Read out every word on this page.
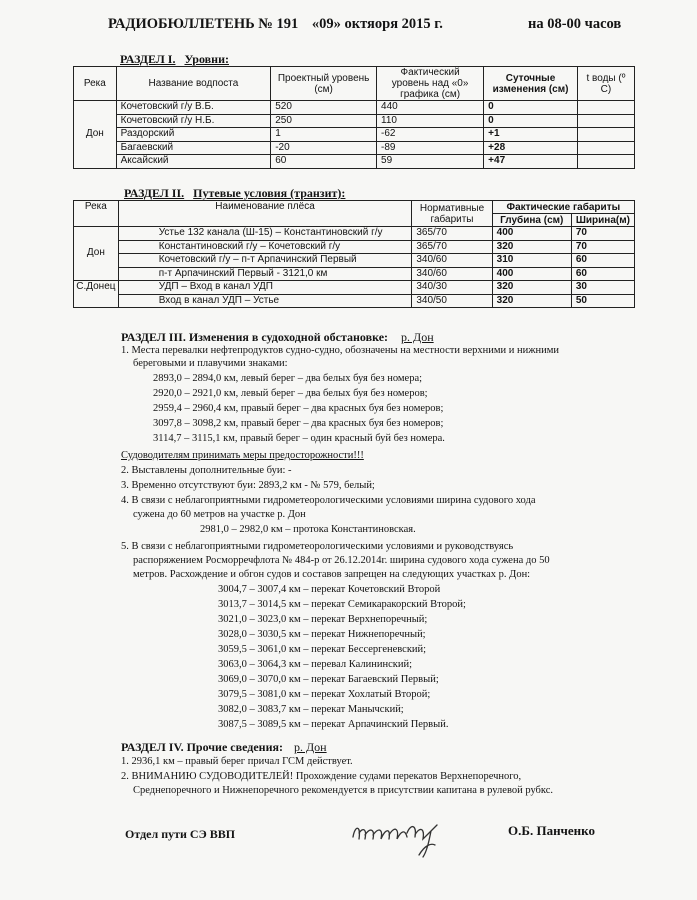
РАДИОБЮЛЛЕТЕНЬ № 191 «09» октяоря 2015 г.	на 08-00 часов
РАЗДЕЛ I. Уровни:
Река	Название водпоста	Проектный уровень (см)	Фактический уровень над «0» графика (см)	Суточные изменения (см)	t воды (º С)
Дон	Кочетовский г/у В.Б.	520	440	0	
	Кочетовский г/у Н.Б.	250	110	0	
	Раздорский	1	-62	+1	
	Багаевский	-20	-89	+28	
	Аксайский	60	59	+47	
РАЗДЕЛ II. Путевые условия (транзит):
Река	Наименование плёса	Нормативные габариты	Фактические габариты	
			Глубина (см)	Ширина(м)
Дон	Устье 132 канала (Ш-15) – Константиновский г/у	365/70	400	70
	Константиновский г/у – Кочетовский г/у	365/70	320	70
	Кочетовский г/у – п-т Арпачинский Первый	340/60	310	60
	п-т Арпачинский Первый - 3121,0 км	340/60	400	60
С.Донец	УДП – Вход в канал УДП	340/30	320	30
	Вход в канал УДП – Устье	340/50	320	50
РАЗДЕЛ III. Изменения в судоходной обстановке: р. Дон
1. Места перевалки нефтепродуктов судно-судно, обозначены на местности верхними и нижними
береговыми и плавучими знаками:
2893,0 – 2894,0 км, левый берег – два белых буя без номера;
2920,0 – 2921,0 км, левый берег – два белых буя без номеров;
2959,4 – 2960,4 км, правый берег – два красных буя без номеров;
3097,8 – 3098,2 км, правый берег – два красных буя без номеров;
3114,7 – 3115,1 км, правый берег – один красный буй без номера.
Судоводителям принимать меры предосторожности!!!
2. Выставлены дополнительные буи: -
3. Временно отсутствуют буи: 2893,2 км - № 579, белый;
4. В связи с неблагоприятными гидрометеорологическими условиями ширина судового хода
сужена до 60 метров на участке р. Дон
2981,0 – 2982,0 км – протока Константиновская.
5. В связи с неблагоприятными гидрометеорологическими условиями и руководствуясь
распоряжением Росморречфлота № 484-р от 26.12.2014г. ширина судового хода сужена до 50
метров. Расхождение и обгон судов и составов запрещен на следующих участках р. Дон:
3004,7 – 3007,4 км – перекат Кочетовский Второй
3013,7 – 3014,5 км – перекат Семикаракорский Второй;
3021,0 – 3023,0 км – перекат Верхнепоречный;
3028,0 – 3030,5 км – перекат Нижнепоречный;
3059,5 – 3061,0 км – перекат Бессергеневский;
3063,0 – 3064,3 км – перевал Калининский;
3069,0 – 3070,0 км – перекат Багаевский Первый;
3079,5 – 3081,0 км – перекат Хохлатый Второй;
3082,0 – 3083,7 км – перекат Манычский;
3087,5 – 3089,5 км – перекат Арпачинский Первый.
РАЗДЕЛ IV. Прочие сведения: р. Дон
1. 2936,1 км – правый берег причал ГСМ действует.
2. ВНИМАНИЮ СУДОВОДИТЕЛЕЙ! Прохождение судами перекатов Верхнепоречного,
Среднепоречного и Нижнепоречного рекомендуется в присутствии капитана в рулевой рубкс.
Отдел пути СЭ ВВП	О.Б. Панченко
